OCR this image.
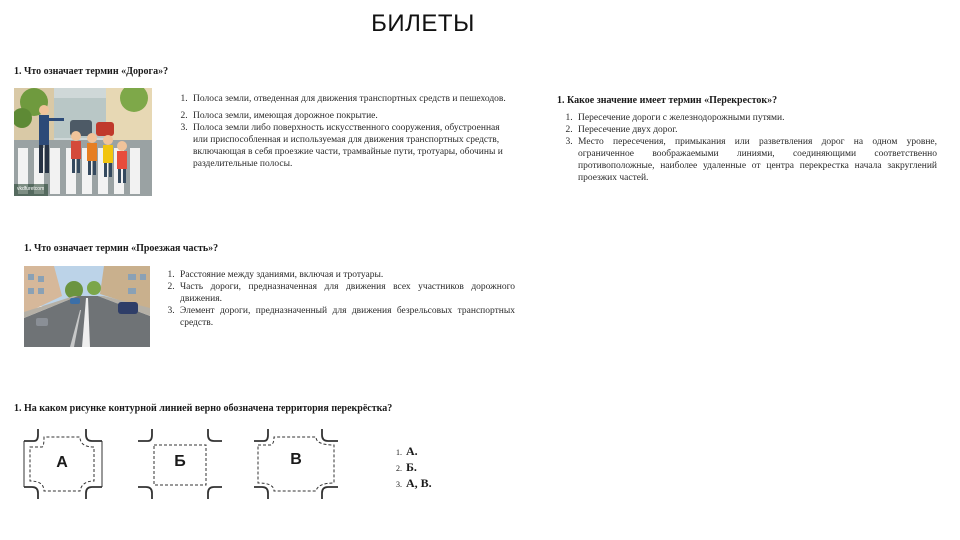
БИЛЕТЫ
1. Что означает термин «Дорога»?
vkdfuretcom
1. Полоса земли, отведенная для движения транспортных средств и пешеходов.
2. Полоса земли, имеющая дорожное покрытие.
3. Полоса земли либо поверхность искусственного сооружения, обустроенная или приспособленная и используемая для движения транспортных средств, включающая в себя проезжие части, трамвайные пути, тротуары, обочины и разделительные полосы.
1. Какое значение имеет термин «Перекресток»?
1. Пересечение дороги с железнодорожными путями.
2. Пересечение двух дорог.
3. Место пересечения, примыкания или разветвления дорог на одном уровне, ограниченное воображаемыми линиями, соединяющими соответственно противоположные, наиболее удаленные от центра перекрестка начала закруглений проезжих частей.
1. Что означает термин «Проезжая часть»?
1. Расстояние между зданиями, включая и тротуары.
2. Часть дороги, предназначенная для движения всех участников дорожного движения.
3. Элемент дороги, предназначенный для движения безрельсовых транспортных средств.
1. На каком рисунке контурной линией верно обозначена территория перекрёстка?
А	Б	В	1. А.
2. Б.
3. А, В.
